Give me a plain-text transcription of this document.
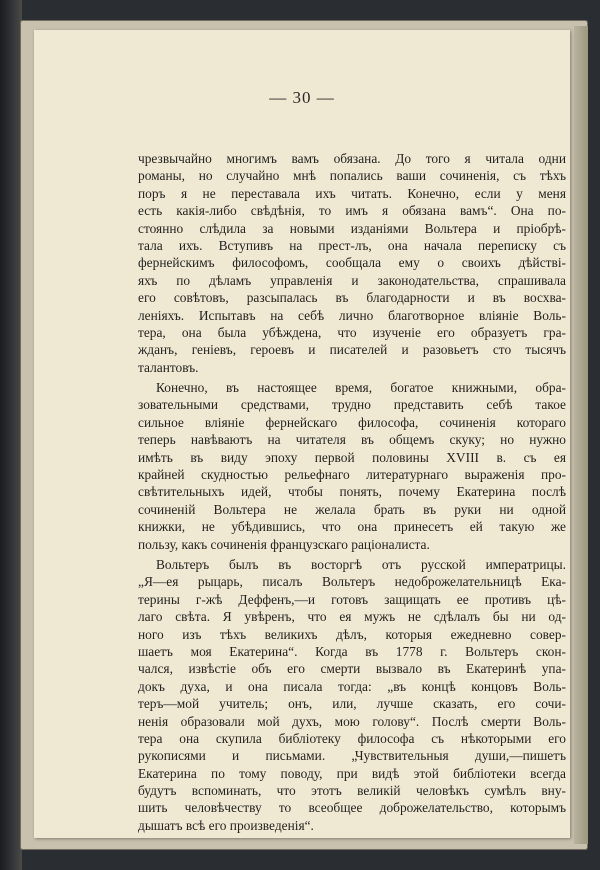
— 30 —
чрезвычайно многимъ вамъ обязана. До того я читала одни
романы, но случайно мнѣ попались ваши сочиненія, съ тѣхъ
поръ я не переставала ихъ читать. Конечно, если у меня
есть какія-либо свѣдѣнія, то имъ я обязана вамъ“. Она по-
стоянно слѣдила за новыми изданіями Вольтера и пріобрѣ-
тала ихъ. Вступивъ на прест-лъ, она начала переписку съ
фернейскимъ философомъ, сообщала ему о своихъ дѣйстві-
яхъ по дѣламъ управленія и законодательства, спрашивала
его совѣтовъ, разсыпалась въ благодарности и въ восхва-
леніяхъ. Испытавъ на себѣ лично благотворное вліяніе Воль-
тера, она была убѣждена, что изученіе его образуетъ гра-
жданъ, геніевъ, героевъ и писателей и разовьетъ сто тысячъ
талантовъ.
Конечно, въ настоящее время, богатое книжными, обра-
зовательными средствами, трудно представить себѣ такое
сильное вліяніе фернейскаго философа, сочиненія котораго
теперь навѣваютъ на читателя въ общемъ скуку; но нужно
имѣть въ виду эпоху первой половины XVIII в. съ ея
крайней скудностью рельефнаго литературнаго выраженія про-
свѣтительныхъ идей, чтобы понять, почему Екатерина послѣ
сочиненій Вольтера не желала брать въ руки ни одной
книжки, не убѣдившись, что она принесетъ ей такую же
пользу, какъ сочиненія французскаго раціоналиста.
Вольтеръ былъ въ восторгѣ отъ русской императрицы.
„Я—ея рыцарь, писалъ Вольтеръ недоброжелательницѣ Ека-
терины г-жѣ Деффенъ,—и готовъ защищать ее противъ цѣ-
лаго свѣта. Я увѣренъ, что ея мужъ не сдѣлалъ бы ни од-
ного изъ тѣхъ великихъ дѣлъ, которыя ежедневно совер-
шаетъ моя Екатерина“. Когда въ 1778 г. Вольтеръ скон-
чался, извѣстіе объ его смерти вызвало въ Екатеринѣ упа-
докъ духа, и она писала тогда: „въ концѣ концовъ Воль-
теръ—мой учитель; онъ, или, лучше сказать, его сочи-
ненія образовали мой духъ, мою голову“. Послѣ смерти Воль-
тера она скупила библіотеку философа съ нѣкоторыми его
рукописями и письмами. „Чувствительныя души,—пишетъ
Екатерина по тому поводу, при видѣ этой библіотеки всегда
будутъ вспоминать, что этотъ великій человѣкъ сумѣлъ вну-
шить человѣчеству то всеобщее доброжелательство, которымъ
дышатъ всѣ его произведенія“.
